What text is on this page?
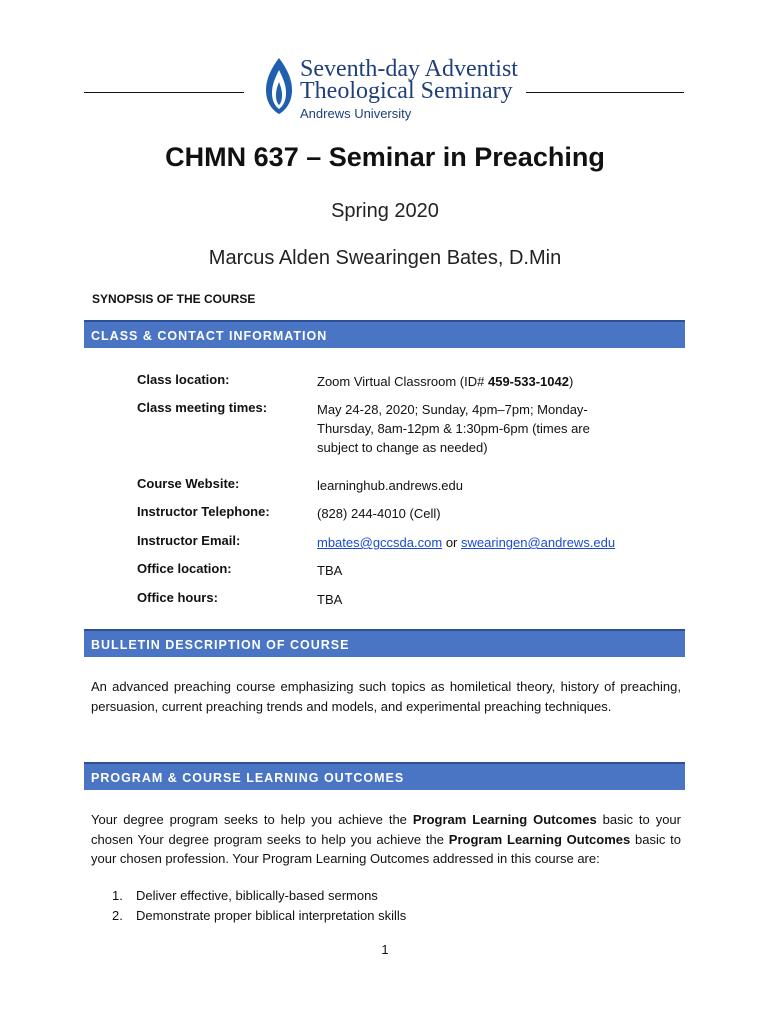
Seventh-day Adventist
Theological Seminary
Andrews University
CHMN 637 – Seminar in Preaching
Spring 2020
Marcus Alden Swearingen Bates, D.Min
SYNOPSIS OF THE COURSE
CLASS & CONTACT INFORMATION
Class location:	Zoom Virtual Classroom (ID# 459-533-1042)
Class meeting times:	May 24-28, 2020; Sunday, 4pm–7pm; Monday-Thursday, 8am-12pm & 1:30pm-6pm (times are subject to change as needed)
Course Website:	learninghub.andrews.edu
Instructor Telephone:	(828) 244-4010 (Cell)
Instructor Email:	mbates@gccsda.com or swearingen@andrews.edu
Office location:	TBA
Office hours:	TBA
BULLETIN DESCRIPTION OF COURSE
An advanced preaching course emphasizing such topics as homiletical theory, history of preaching, persuasion, current preaching trends and models, and experimental preaching techniques.
PROGRAM & COURSE LEARNING OUTCOMES
Your degree program seeks to help you achieve the Program Learning Outcomes basic to your chosen Your degree program seeks to help you achieve the Program Learning Outcomes basic to your chosen profession. Your Program Learning Outcomes addressed in this course are:
1. Deliver effective, biblically-based sermons
2. Demonstrate proper biblical interpretation skills
1
